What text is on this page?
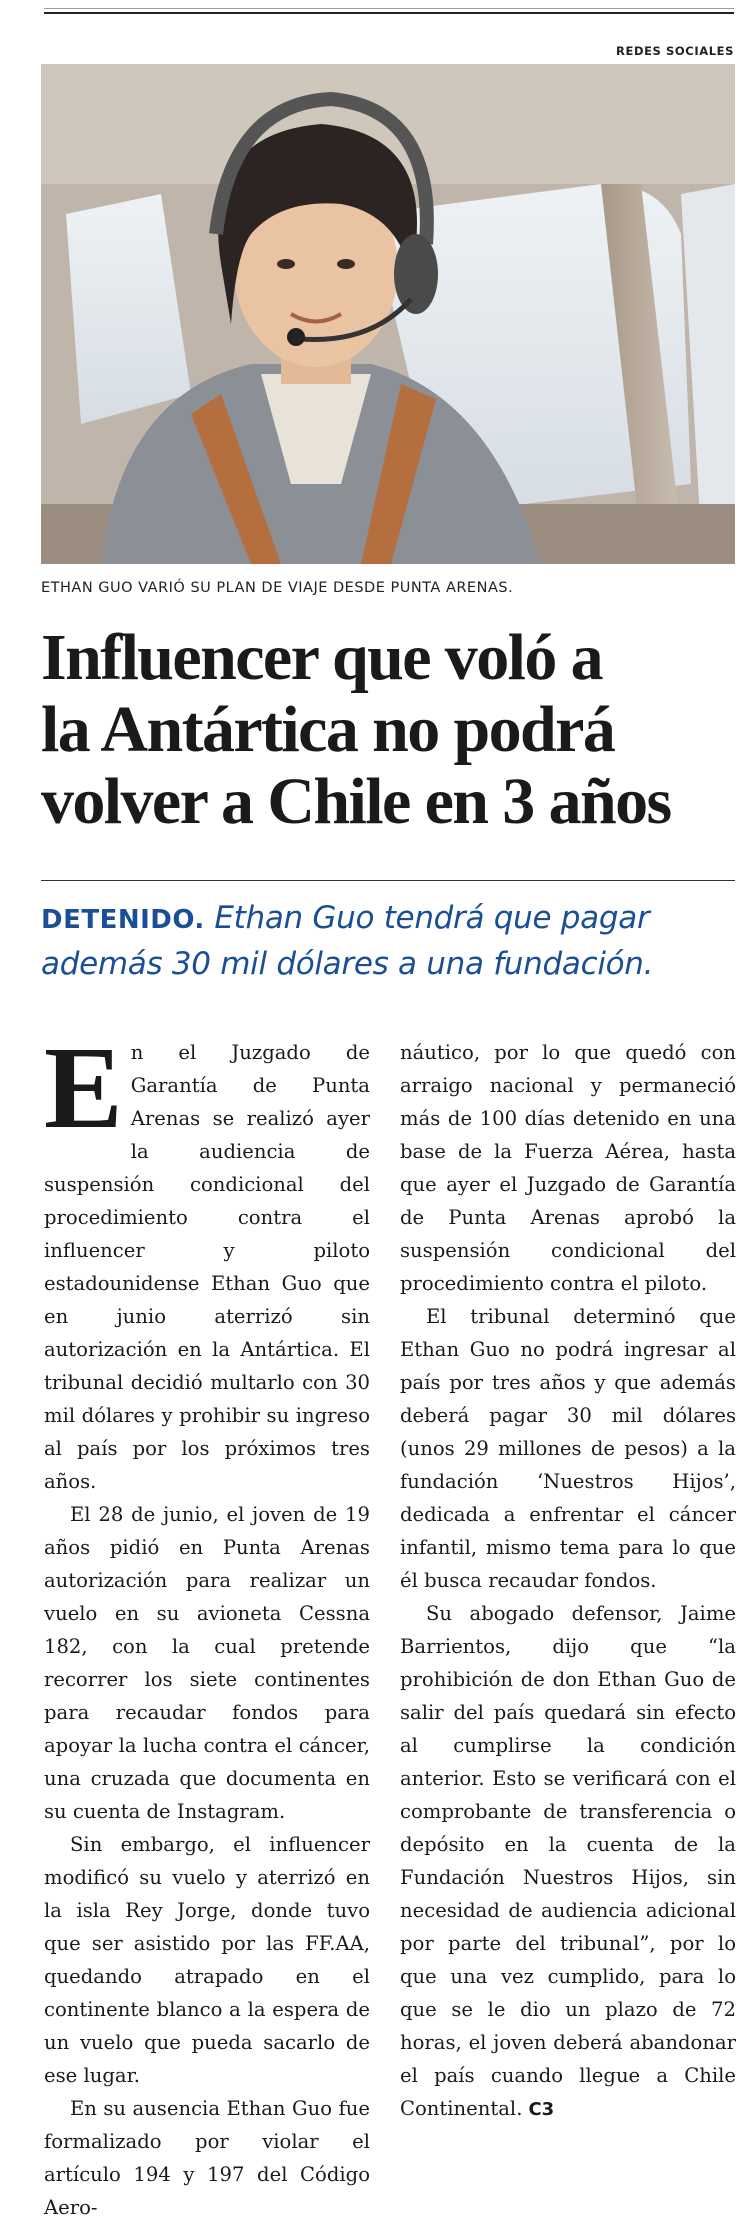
REDES SOCIALES
ETHAN GUO VARIÓ SU PLAN DE VIAJE DESDE PUNTA ARENAS.
Influencer que voló a
la Antártica no podrá
volver a Chile en 3 años
DETENIDO. Ethan Guo tendrá que pagar
además 30 mil dólares a una fundación.

En el Juzgado de Garantía de Punta Arenas se realizó ayer la audiencia de suspensión condicional del procedimiento contra el influencer y piloto estadounidense Ethan Guo que en junio aterrizó sin autorización en la Antártica. El tribunal decidió multarlo con 30 mil dólares y prohibir su ingreso al país por los próximos tres años.

El 28 de junio, el joven de 19 años pidió en Punta Arenas autorización para realizar un vuelo en su avioneta Cessna 182, con la cual pretende recorrer los siete continentes para recaudar fondos para apoyar la lucha contra el cáncer, una cruzada que documenta en su cuenta de Instagram.

Sin embargo, el influencer modificó su vuelo y aterrizó en la isla Rey Jorge, donde tuvo que ser asistido por las FF.AA, quedando atrapado en el continente blanco a la espera de un vuelo que pueda sacarlo de ese lugar.

En su ausencia Ethan Guo fue formalizado por violar el artículo 194 y 197 del Código Aero-

náutico, por lo que quedó con arraigo nacional y permaneció más de 100 días detenido en una base de la Fuerza Aérea, hasta que ayer el Juzgado de Garantía de Punta Arenas aprobó la suspensión condicional del procedimiento contra el piloto.

El tribunal determinó que Ethan Guo no podrá ingresar al país por tres años y que además deberá pagar 30 mil dólares (unos 29 millones de pesos) a la fundación ‘Nuestros Hijos’, dedicada a enfrentar el cáncer infantil, mismo tema para lo que él busca recaudar fondos.

Su abogado defensor, Jaime Barrientos, dijo que “la prohibición de don Ethan Guo de salir del país quedará sin efecto al cumplirse la condición anterior. Esto se verificará con el comprobante de transferencia o depósito en la cuenta de la Fundación Nuestros Hijos, sin necesidad de audiencia adicional por parte del tribunal”, por lo que una vez cumplido, para lo que se le dio un plazo de 72 horas, el joven deberá abandonar el país cuando llegue a Chile Continental. C3
